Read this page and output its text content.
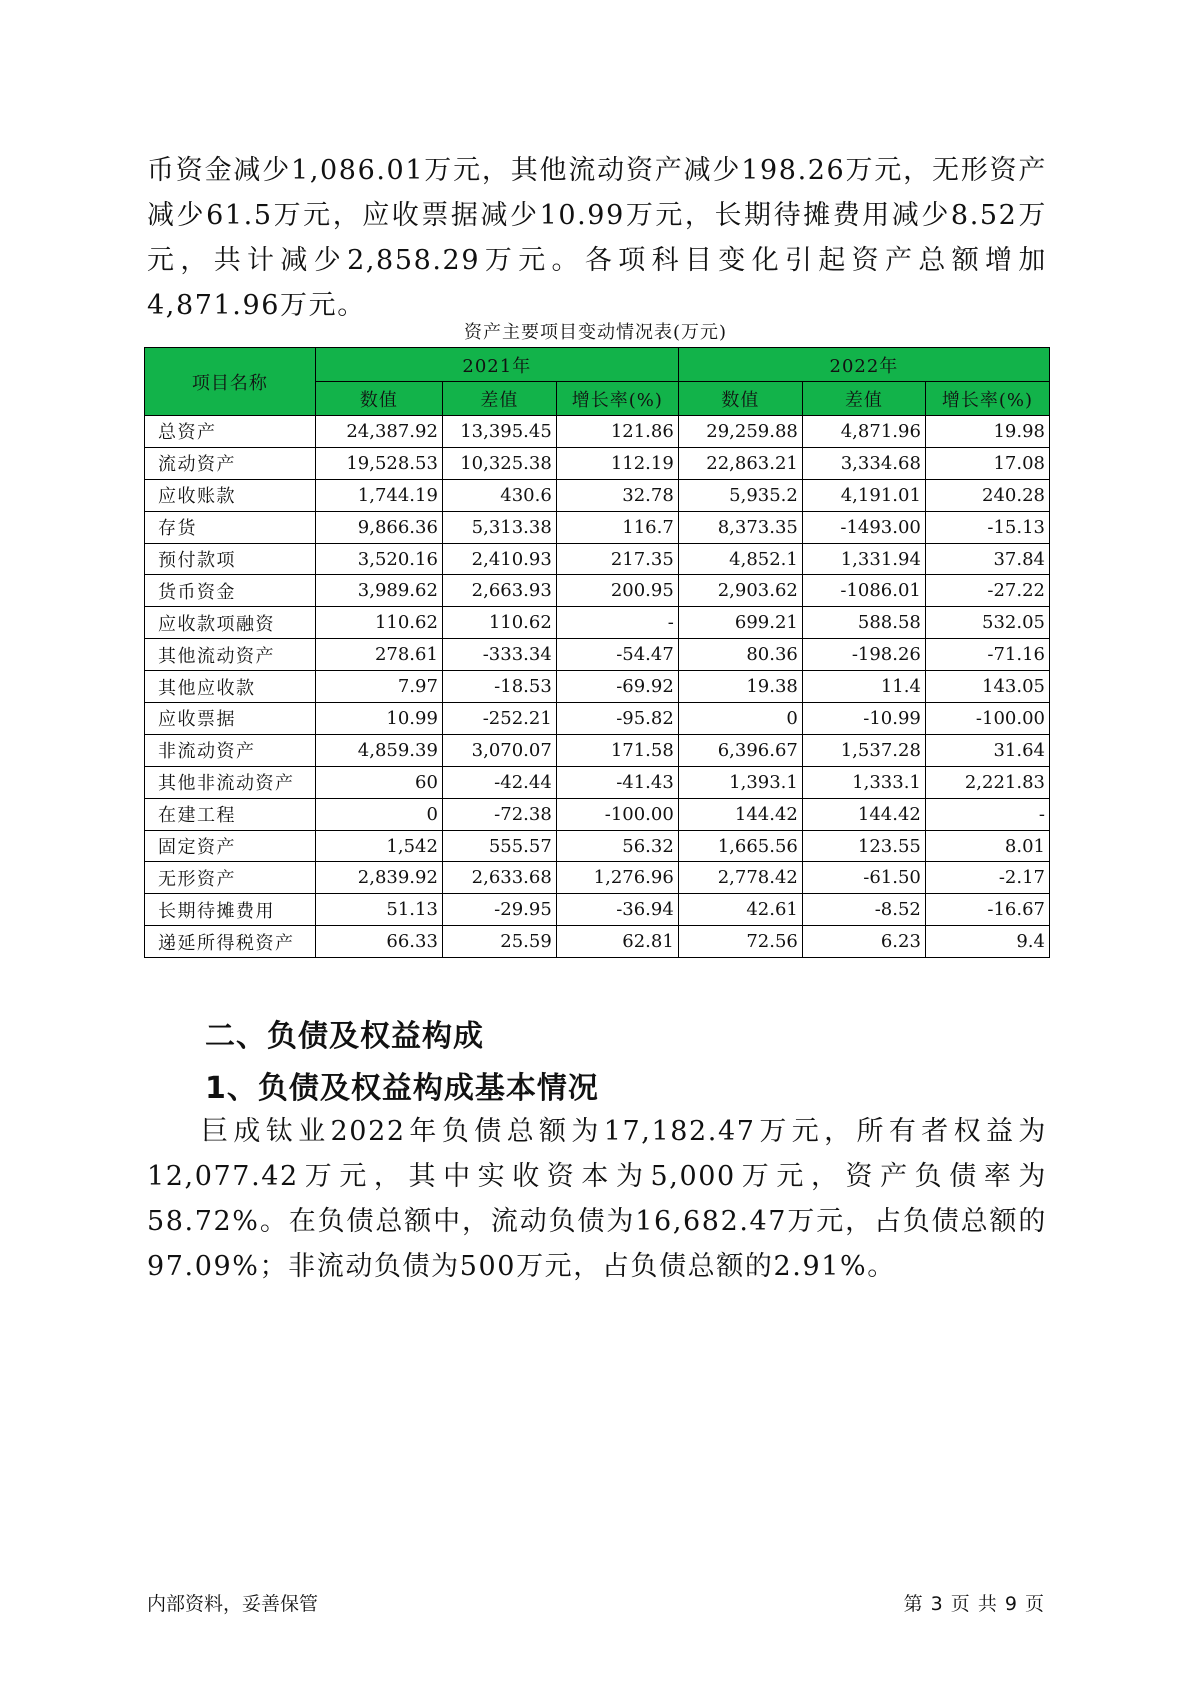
币资金减少1,086.01万元，其他流动资产减少198.26万元，无形资产减少61.5万元，应收票据减少10.99万元，长期待摊费用减少8.52万元，共计减少2,858.29万元。各项科目变化引起资产总额增加4,871.96万元。
资产主要项目变动情况表(万元)
项目名称	2021年			2022年		
	数值	差值	增长率(%)	数值	差值	增长率(%)
总资产	24,387.92	13,395.45	121.86	29,259.88	4,871.96	19.98
流动资产	19,528.53	10,325.38	112.19	22,863.21	3,334.68	17.08
应收账款	1,744.19	430.6	32.78	5,935.2	4,191.01	240.28
存货	9,866.36	5,313.38	116.7	8,373.35	-1493.00	-15.13
预付款项	3,520.16	2,410.93	217.35	4,852.1	1,331.94	37.84
货币资金	3,989.62	2,663.93	200.95	2,903.62	-1086.01	-27.22
应收款项融资	110.62	110.62	-	699.21	588.58	532.05
其他流动资产	278.61	-333.34	-54.47	80.36	-198.26	-71.16
其他应收款	7.97	-18.53	-69.92	19.38	11.4	143.05
应收票据	10.99	-252.21	-95.82	0	-10.99	-100.00
非流动资产	4,859.39	3,070.07	171.58	6,396.67	1,537.28	31.64
其他非流动资产	60	-42.44	-41.43	1,393.1	1,333.1	2,221.83
在建工程	0	-72.38	-100.00	144.42	144.42	-
固定资产	1,542	555.57	56.32	1,665.56	123.55	8.01
无形资产	2,839.92	2,633.68	1,276.96	2,778.42	-61.50	-2.17
长期待摊费用	51.13	-29.95	-36.94	42.61	-8.52	-16.67
递延所得税资产	66.33	25.59	62.81	72.56	6.23	9.4
二、负债及权益构成
1、负债及权益构成基本情况
巨成钛业2022年负债总额为17,182.47万元，所有者权益为12,077.42万元，其中实收资本为5,000万元，资产负债率为58.72%。在负债总额中，流动负债为16,682.47万元，占负债总额的97.09%；非流动负债为500万元，占负债总额的2.91%。
内部资料，妥善保管	第 3 页 共 9 页
